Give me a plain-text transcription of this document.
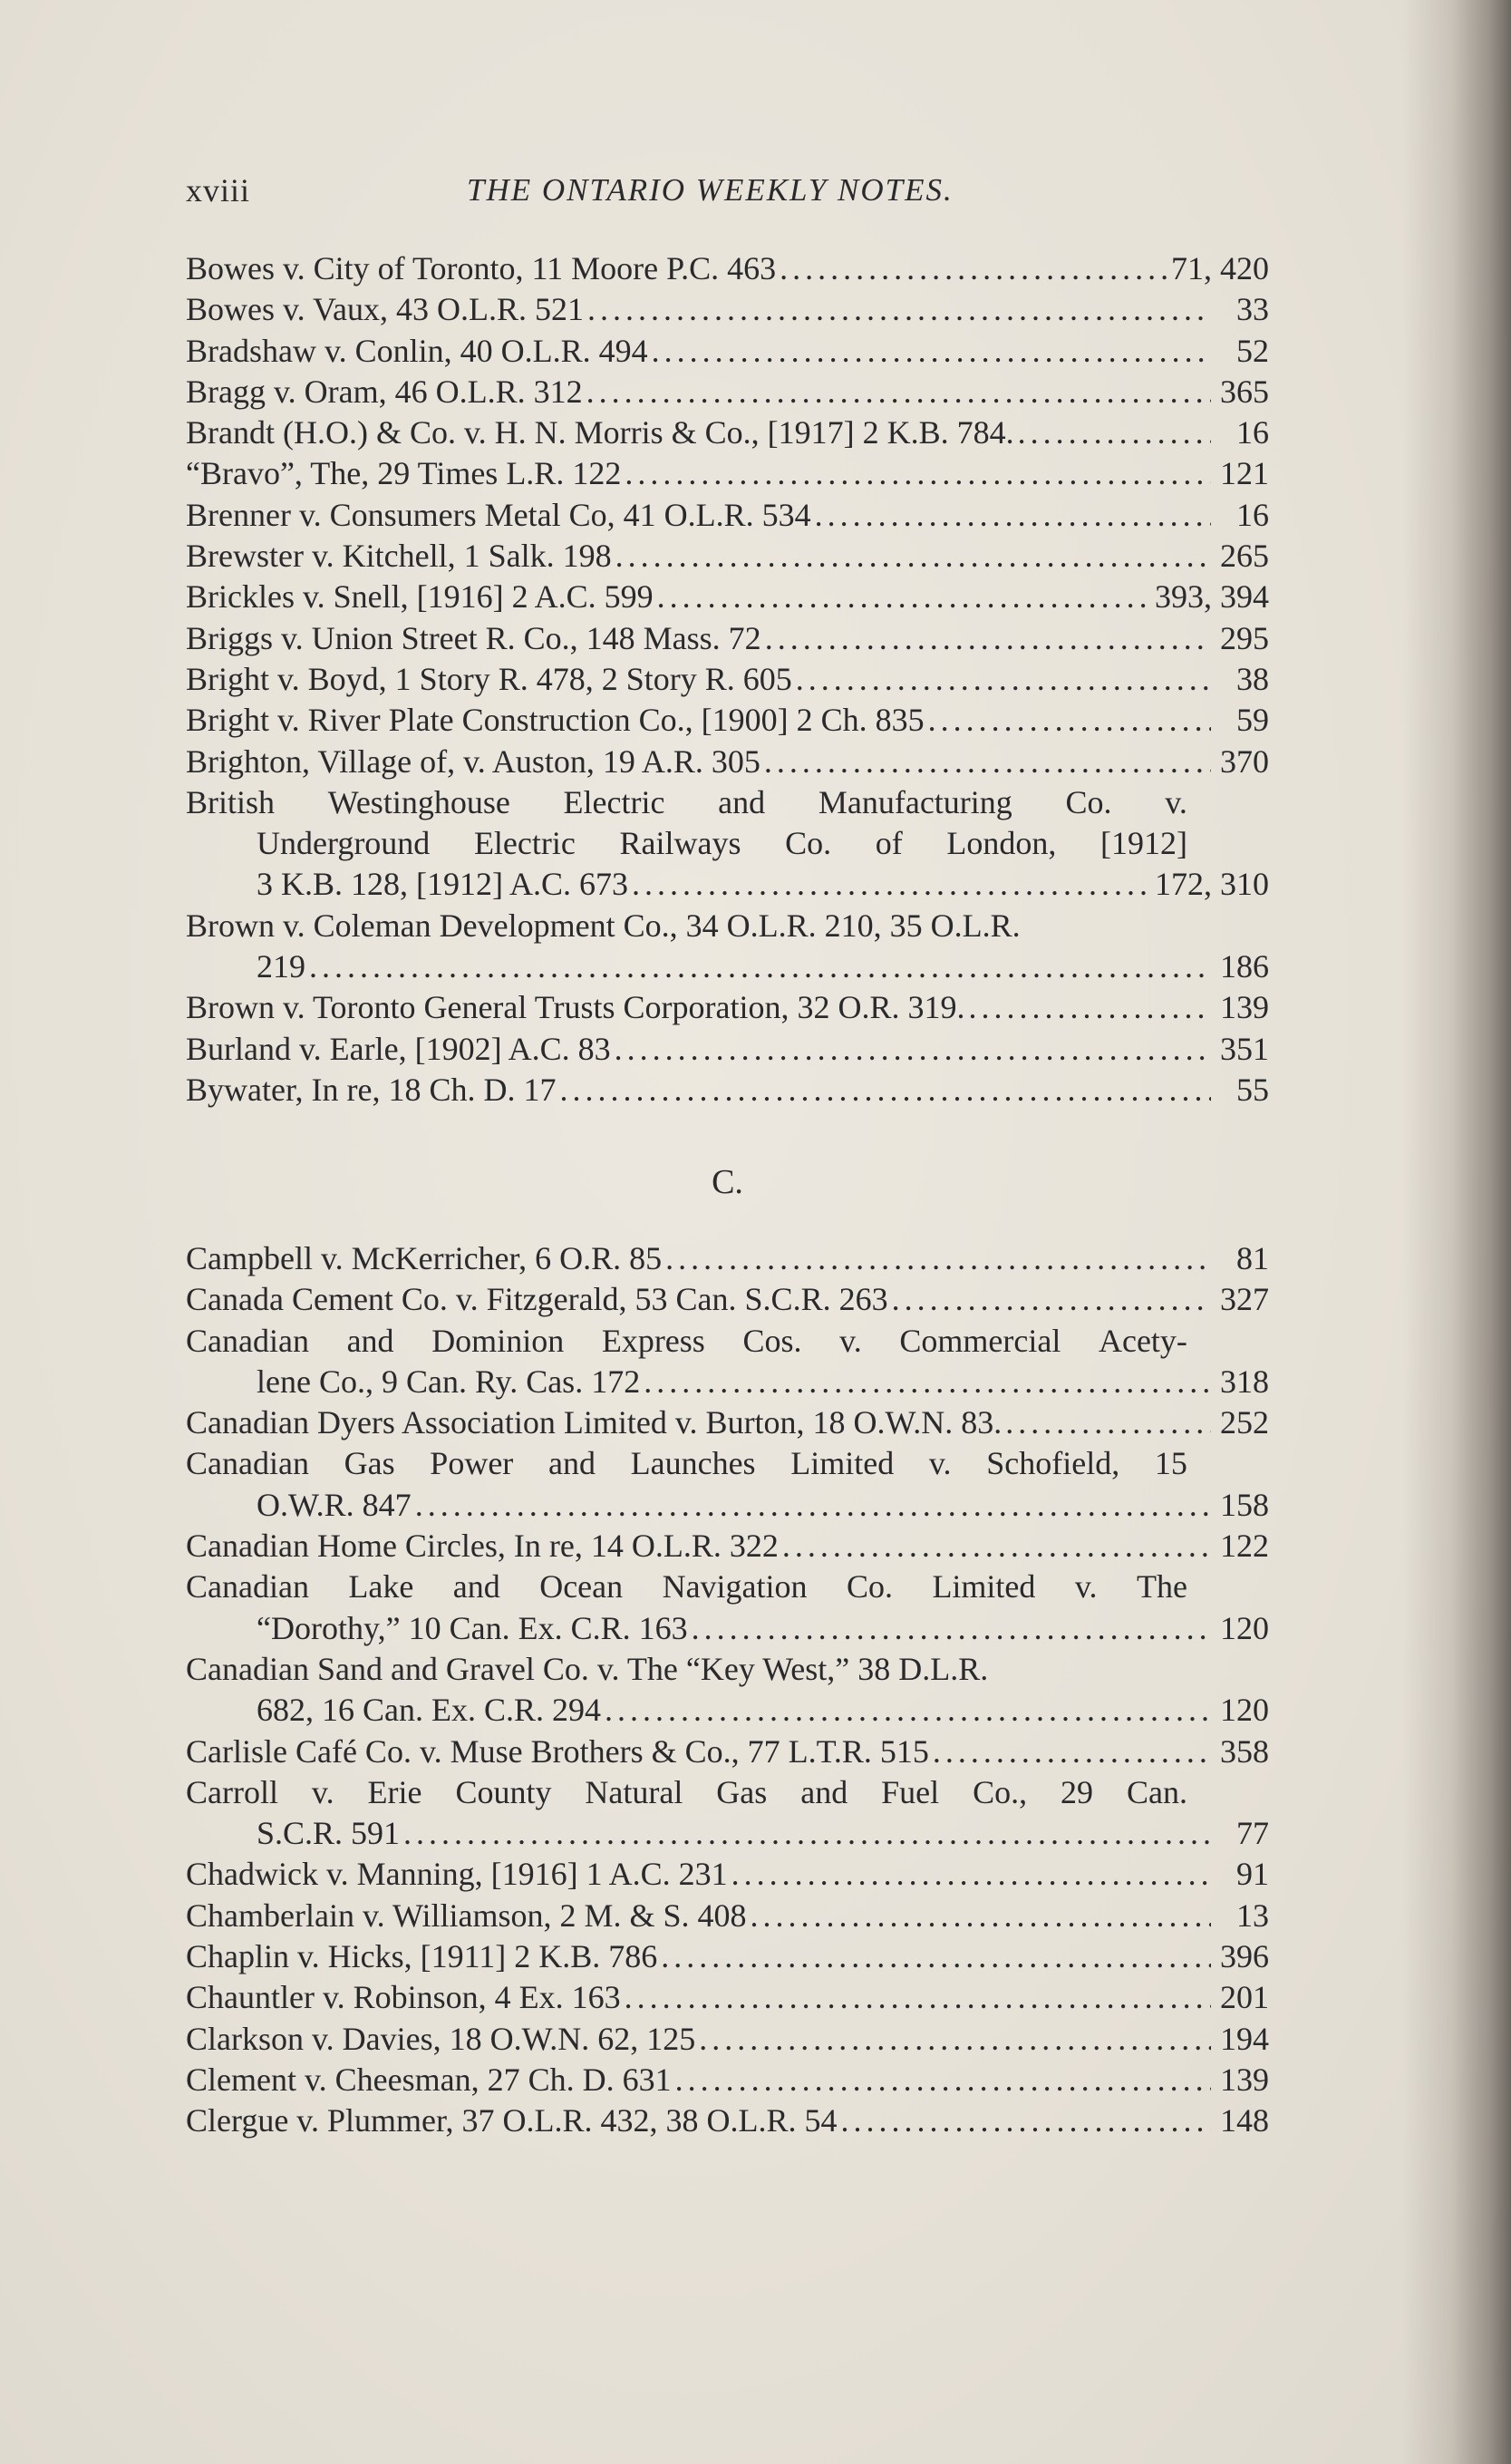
xviii	THE ONTARIO WEEKLY NOTES.
Bowes v. City of Toronto, 11 Moore P.C. 463 . . .	71, 420
Bowes v. Vaux, 43 O.L.R. 521 . . .	33
Bradshaw v. Conlin, 40 O.L.R. 494 . . .	52
Bragg v. Oram, 46 O.L.R. 312 . . .	365
Brandt (H.O.) & Co. v. H. N. Morris & Co., [1917] 2 K.B. 784. . . .	16
“Bravo”, The, 29 Times L.R. 122 . . .	121
Brenner v. Consumers Metal Co, 41 O.L.R. 534 . . .	16
Brewster v. Kitchell, 1 Salk. 198 . . .	265
Brickles v. Snell, [1916] 2 A.C. 599 . . .	393, 394
Briggs v. Union Street R. Co., 148 Mass. 72 . . .	295
Bright v. Boyd, 1 Story R. 478, 2 Story R. 605 . . .	38
Bright v. River Plate Construction Co., [1900] 2 Ch. 835 . . .	59
Brighton, Village of, v. Auston, 19 A.R. 305 . . .	370
British Westinghouse Electric and Manufacturing Co. v.
Underground Electric Railways Co. of London, [1912]
3 K.B. 128, [1912] A.C. 673 . . .	172, 310
Brown v. Coleman Development Co., 34 O.L.R. 210, 35 O.L.R.
219 . . .	186
Brown v. Toronto General Trusts Corporation, 32 O.R. 319. . . .	139
Burland v. Earle, [1902] A.C. 83 . . .	351
Bywater, In re, 18 Ch. D. 17 . . .	55
C.
Campbell v. McKerricher, 6 O.R. 85 . . .	81
Canada Cement Co. v. Fitzgerald, 53 Can. S.C.R. 263 . . .	327
Canadian and Dominion Express Cos. v. Commercial Acety-
lene Co., 9 Can. Ry. Cas. 172 . . .	318
Canadian Dyers Association Limited v. Burton, 18 O.W.N. 83. . . .	252
Canadian Gas Power and Launches Limited v. Schofield, 15
O.W.R. 847 . . .	158
Canadian Home Circles, In re, 14 O.L.R. 322 . . .	122
Canadian Lake and Ocean Navigation Co. Limited v. The
“Dorothy,” 10 Can. Ex. C.R. 163 . . .	120
Canadian Sand and Gravel Co. v. The “Key West,” 38 D.L.R.
682, 16 Can. Ex. C.R. 294 . . .	120
Carlisle Café Co. v. Muse Brothers & Co., 77 L.T.R. 515 . . .	358
Carroll v. Erie County Natural Gas and Fuel Co., 29 Can.
S.C.R. 591 . . .	77
Chadwick v. Manning, [1916] 1 A.C. 231 . . .	91
Chamberlain v. Williamson, 2 M. & S. 408 . . .	13
Chaplin v. Hicks, [1911] 2 K.B. 786 . . .	396
Chauntler v. Robinson, 4 Ex. 163 . . .	201
Clarkson v. Davies, 18 O.W.N. 62, 125 . . .	194
Clement v. Cheesman, 27 Ch. D. 631 . . .	139
Clergue v. Plummer, 37 O.L.R. 432, 38 O.L.R. 54 . . .	148
